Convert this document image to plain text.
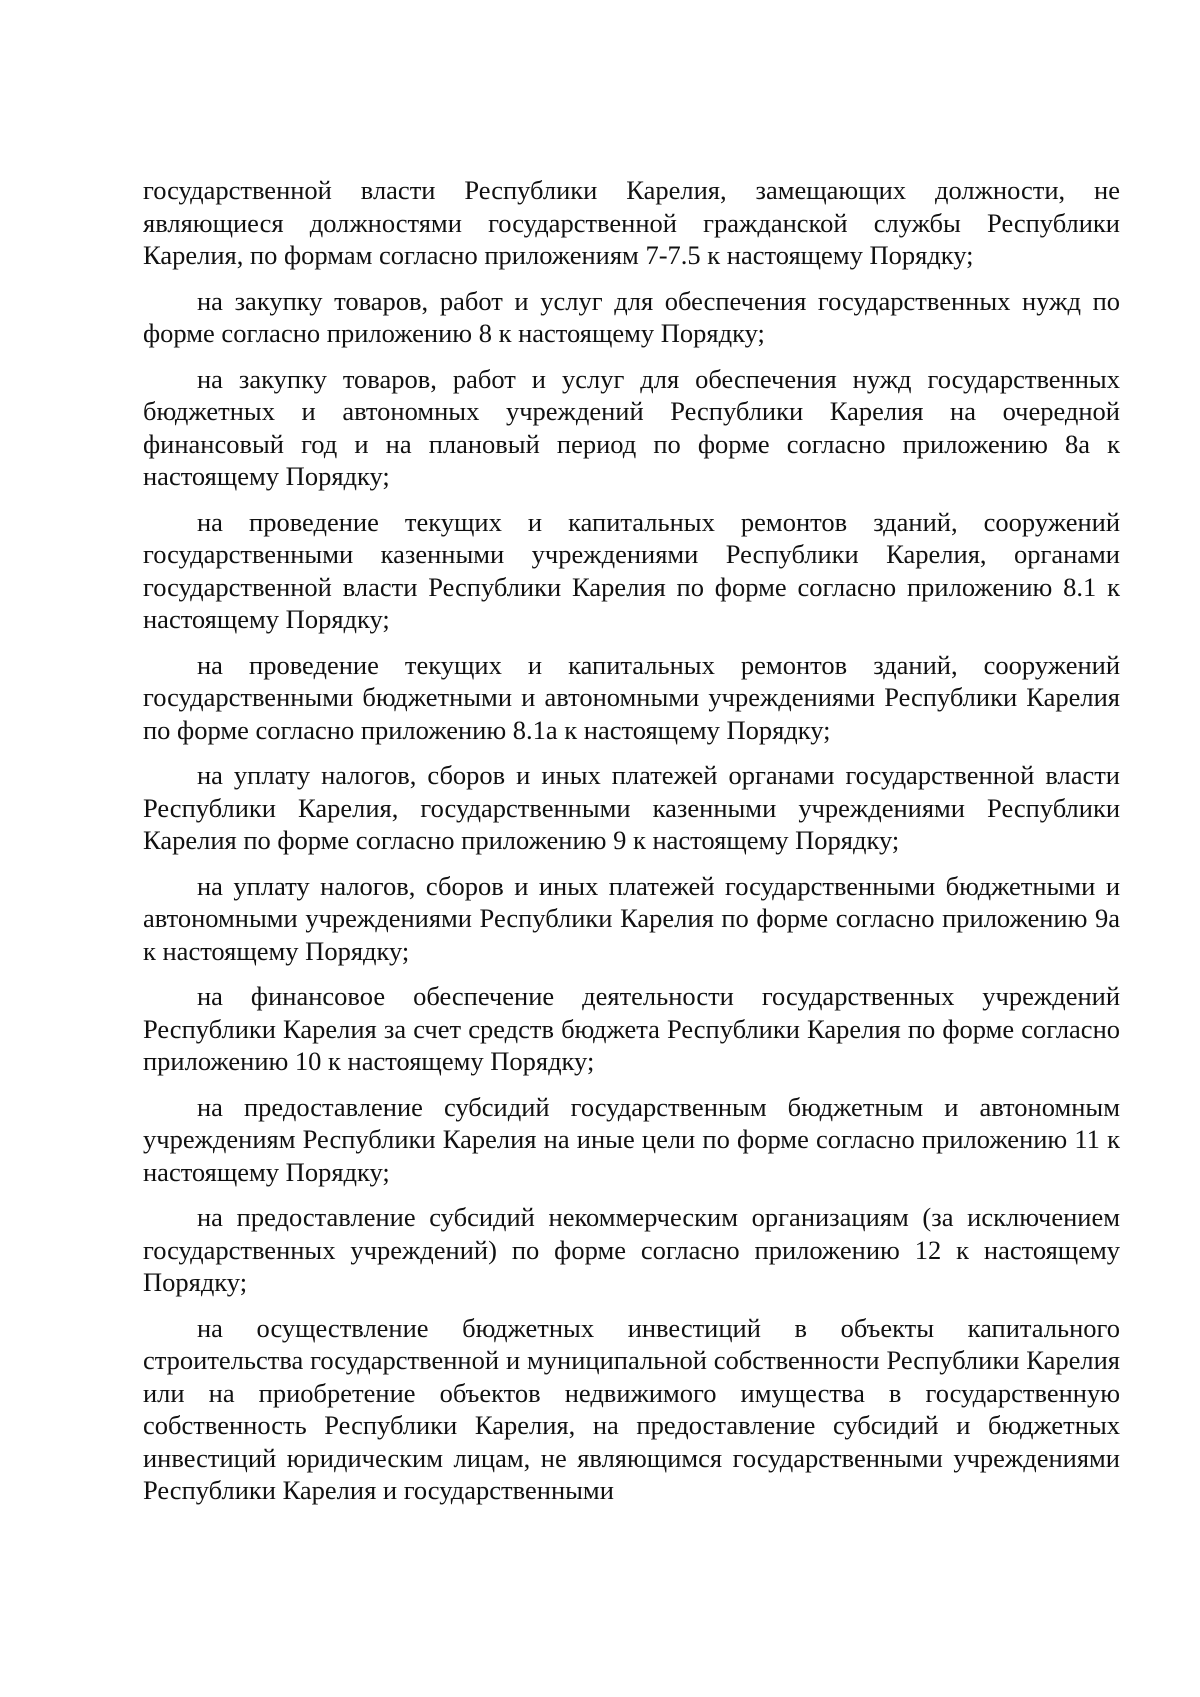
государственной власти Республики Карелия, замещающих должности, не являющиеся должностями государственной гражданской службы Республики Карелия, по формам согласно приложениям 7-7.5 к настоящему Порядку;

на закупку товаров, работ и услуг для обеспечения государственных нужд по форме согласно приложению 8 к настоящему Порядку;

на закупку товаров, работ и услуг для обеспечения нужд государственных бюджетных и автономных учреждений Республики Карелия на очередной финансовый год и на плановый период по форме согласно приложению 8а к настоящему Порядку;

на проведение текущих и капитальных ремонтов зданий, сооружений государственными казенными учреждениями Республики Карелия, органами государственной власти Республики Карелия по форме согласно приложению 8.1 к настоящему Порядку;

на проведение текущих и капитальных ремонтов зданий, сооружений государственными бюджетными и автономными учреждениями Республики Карелия по форме согласно приложению 8.1а к настоящему Порядку;

на уплату налогов, сборов и иных платежей органами государственной власти Республики Карелия, государственными казенными учреждениями Республики Карелия по форме согласно приложению 9 к настоящему Порядку;

на уплату налогов, сборов и иных платежей государственными бюджетными и автономными учреждениями Республики Карелия по форме согласно приложению 9а к настоящему Порядку;

на финансовое обеспечение деятельности государственных учреждений Республики Карелия за счет средств бюджета Республики Карелия по форме согласно приложению 10 к настоящему Порядку;

на предоставление субсидий государственным бюджетным и автономным учреждениям Республики Карелия на иные цели по форме согласно приложению 11 к настоящему Порядку;

на предоставление субсидий некоммерческим организациям (за исключением государственных учреждений) по форме согласно приложению 12 к настоящему Порядку;

на осуществление бюджетных инвестиций в объекты капитального строительства государственной и муниципальной собственности Республики Карелия или на приобретение объектов недвижимого имущества в государственную собственность Республики Карелия, на предоставление субсидий и бюджетных инвестиций юридическим лицам, не являющимся государственными учреждениями Республики Карелия и государственными
